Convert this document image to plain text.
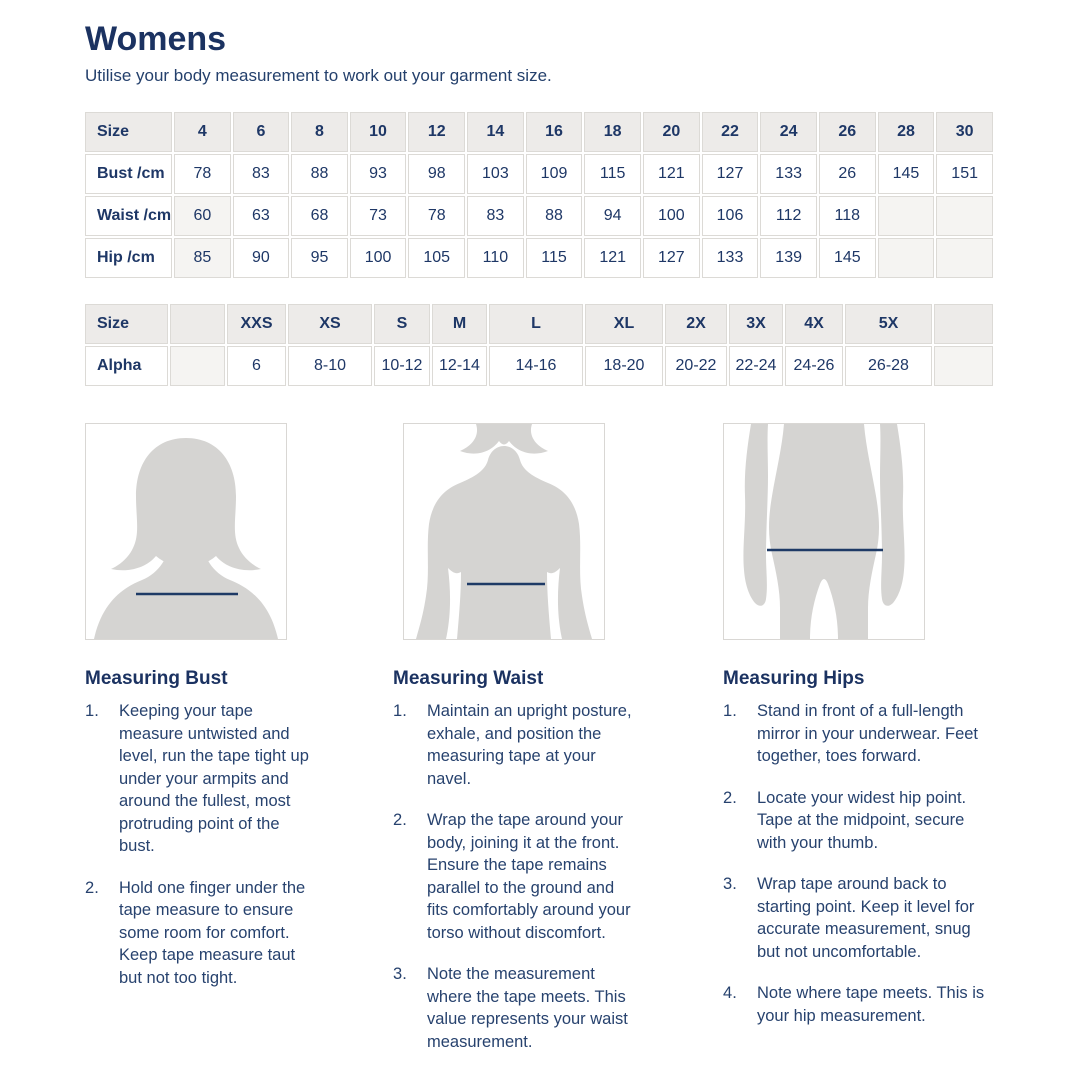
Womens

Utilise your body measurement to work out your garment size.

Size	4	6	8	10	12	14	16	18	20	22	24	26	28	30
Bust /cm	78	83	88	93	98	103	109	115	121	127	133	26	145	151
Waist /cm	60	63	68	73	78	83	88	94	100	106	112	118		
Hip /cm	85	90	95	100	105	110	115	121	127	133	139	145		
Size		XXS	XS	S	M	L	XL	2X	3X	4X	5X	
Alpha		6	8-10	10-12	12-14	14-16	18-20	20-22	22-24	24-26	26-28	
Measuring Bust
Keeping your tape measure untwisted and level, run the tape tight up under your armpits and around the fullest, most protruding point of the bust.
Hold one finger under the tape measure to ensure some room for comfort. Keep tape measure taut but not too tight.
Measuring Waist
Maintain an upright posture, exhale, and position the measuring tape at your navel.
Wrap the tape around your body, joining it at the front. Ensure the tape remains parallel to the ground and fits comfortably around your torso without discomfort.
Note the measurement where the tape meets. This value represents your waist measurement.
Measuring Hips
Stand in front of a full-length mirror in your underwear. Feet together, toes forward.
Locate your widest hip point. Tape at the midpoint, secure with your thumb.
Wrap tape around back to starting point. Keep it level for accurate measurement, snug but not uncomfortable.
Note where tape meets. This is your hip measurement.
